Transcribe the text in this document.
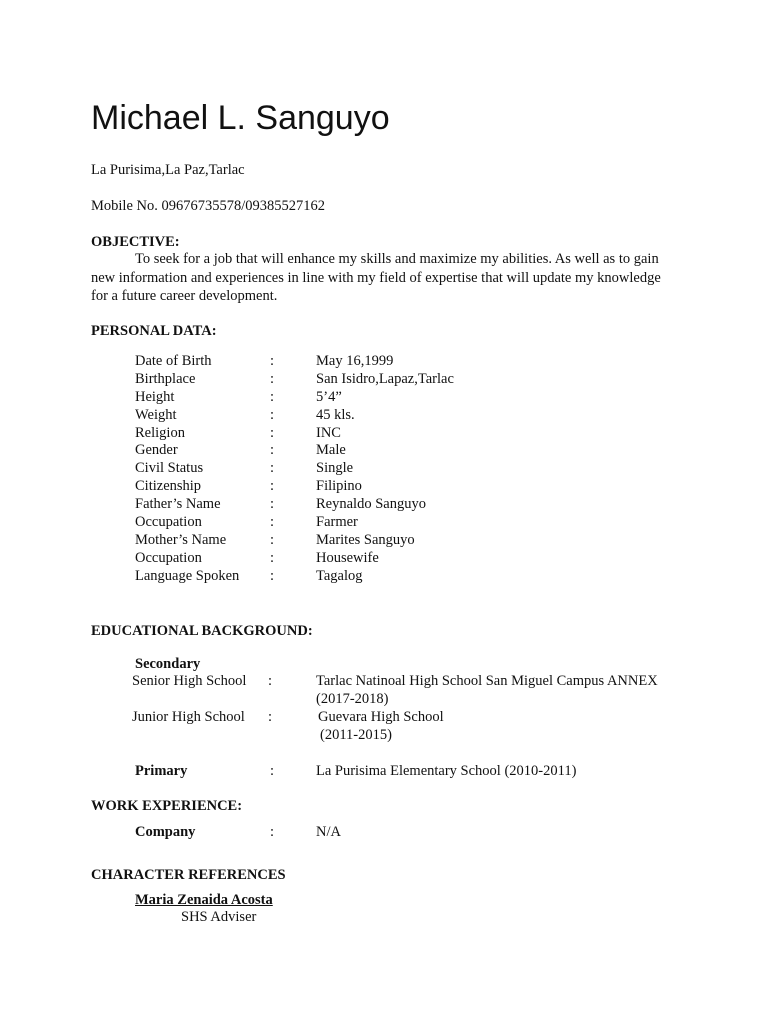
Michael L. Sanguyo
La Purisima,La Paz,Tarlac
Mobile No. 09676735578/09385527162
OBJECTIVE:
To seek for a job that will enhance my skills and maximize my abilities. As well as to gain new information and experiences in line with my field of expertise that will update my knowledge for a future career development.
PERSONAL DATA:
Date of Birth	:	May 16,1999
Birthplace	:	San Isidro,Lapaz,Tarlac
Height	:	5’4”
Weight	:	45 kls.
Religion	:	INC
Gender	:	Male
Civil Status	:	Single
Citizenship	:	Filipino
Father’s Name	:	Reynaldo Sanguyo
Occupation	:	Farmer
Mother’s Name	:	Marites Sanguyo
Occupation	:	Housewife
Language Spoken :	Tagalog
EDUCATIONAL BACKGROUND:
Secondary
Senior High School :	Tarlac Natinoal High School San Miguel Campus ANNEX
(2017-2018)
Junior High School :	Guevara High School
(2011-2015)
Primary	:	La Purisima Elementary School (2010-2011)
WORK EXPERIENCE:
Company	:	N/A
CHARACTER REFERENCES
Maria Zenaida Acosta
SHS Adviser
